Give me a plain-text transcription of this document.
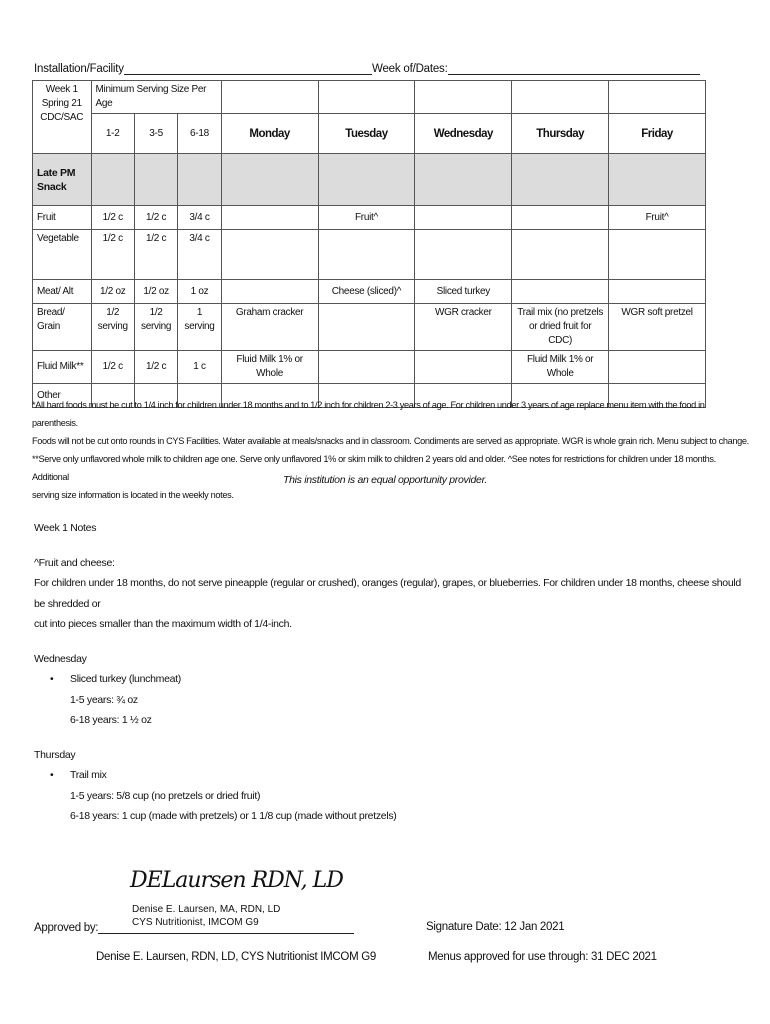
Installation/Facility	Week of/Dates:
Week 1
Spring 21
CDC/SAC	Minimum Serving Size Per Age							
	1-2	3-5	6-18	Monday	Tuesday	Wednesday	Thursday	Friday

Late PM
Snack								

Fruit	1/2 c	1/2 c	3/4 c		Fruit^			Fruit^
Vegetable	1/2 c	1/2 c	3/4 c					
Meat/ Alt	1/2 oz	1/2 oz	1 oz		Cheese (sliced)^	Sliced turkey		
Bread/ Grain	1/2 serving	1/2 serving	1 serving	Graham cracker		WGR cracker	Trail mix (no pretzels or dried fruit for CDC)	WGR soft pretzel
Fluid Milk**	1/2 c	1/2 c	1 c	Fluid Milk 1% or Whole			Fluid Milk 1% or Whole	
Other								
*All hard foods must be cut to 1/4 inch for children under 18 months and to 1/2 inch for children 2-3 years of age. For children under 3 years of age replace menu item with the food in parenthesis.
Foods will not be cut onto rounds in CYS Facilities. Water available at meals/snacks and in classroom. Condiments are served as appropriate. WGR is whole grain rich. Menu subject to change.
**Serve only unflavored whole milk to children age one. Serve only unflavored 1% or skim milk to children 2 years old and older. ^See notes for restrictions for children under 18 months. Additional
serving size information is located in the weekly notes.
This institution is an equal opportunity provider.

Week 1 Notes

^Fruit and cheese:

For children under 18 months, do not serve pineapple (regular or crushed), oranges (regular), grapes, or blueberries. For children under 18 months, cheese should be shredded or

cut into pieces smaller than the maximum width of 1/4-inch.

Wednesday

• Sliced turkey (lunchmeat)

1-5 years: ¾ oz

6-18 years: 1 ½ oz

Thursday

• Trail mix

1-5 years: 5/8 cup (no pretzels or dried fruit)

6-18 years: 1 cup (made with pretzels) or 1 1/8 cup (made without pretzels)

DELaursen RDN, LD
Denise E. Laursen, MA, RDN, LD
CYS Nutritionist, IMCOM G9
Approved by:	Signature Date: 12 Jan 2021
Denise E. Laursen, RDN, LD, CYS Nutritionist IMCOM G9	Menus approved for use through: 31 DEC 2021
